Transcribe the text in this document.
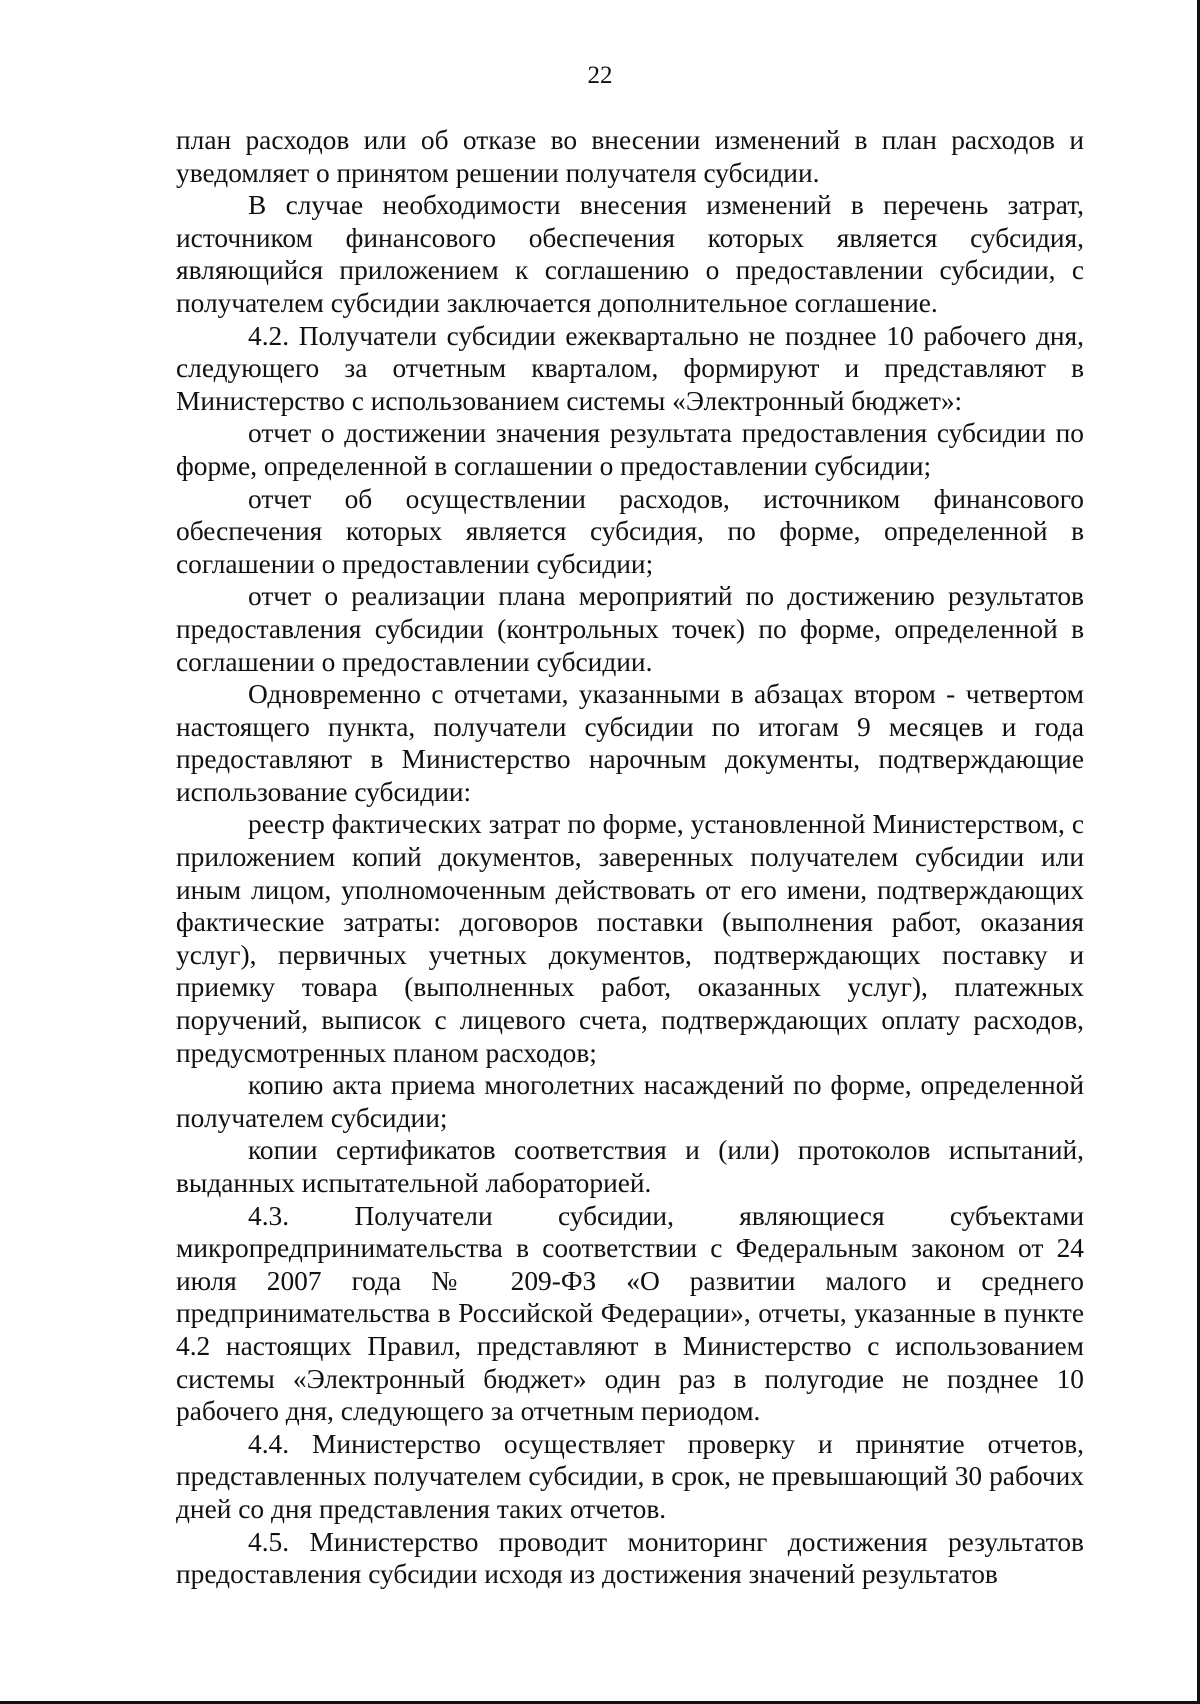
22

план расходов или об отказе во внесении изменений в план расходов и уведомляет о принятом решении получателя субсидии.

В случае необходимости внесения изменений в перечень затрат, источником финансового обеспечения которых является субсидия, являющийся приложением к соглашению о предоставлении субсидии, с получателем субсидии заключается дополнительное соглашение.

4.2. Получатели субсидии ежеквартально не позднее 10 рабочего дня, следующего за отчетным кварталом, формируют и представляют в Министерство с использованием системы «Электронный бюджет»:

отчет о достижении значения результата предоставления субсидии по форме, определенной в соглашении о предоставлении субсидии;

отчет об осуществлении расходов, источником финансового обеспечения которых является субсидия, по форме, определенной в соглашении о предоставлении субсидии;

отчет о реализации плана мероприятий по достижению результатов предоставления субсидии (контрольных точек) по форме, определенной в соглашении о предоставлении субсидии.

Одновременно с отчетами, указанными в абзацах втором - четвертом настоящего пункта, получатели субсидии по итогам 9 месяцев и года предоставляют в Министерство нарочным документы, подтверждающие использование субсидии:

реестр фактических затрат по форме, установленной Министерством, с приложением копий документов, заверенных получателем субсидии или иным лицом, уполномоченным действовать от его имени, подтверждающих фактические затраты: договоров поставки (выполнения работ, оказания услуг), первичных учетных документов, подтверждающих поставку и приемку товара (выполненных работ, оказанных услуг), платежных поручений, выписок с лицевого счета, подтверждающих оплату расходов, предусмотренных планом расходов;

копию акта приема многолетних насаждений по форме, определенной получателем субсидии;

копии сертификатов соответствия и (или) протоколов испытаний, выданных испытательной лабораторией.

4.3. Получатели субсидии, являющиеся субъектами микропредпринимательства в соответствии с Федеральным законом от 24 июля 2007 года № 209-ФЗ «О развитии малого и среднего предпринимательства в Российской Федерации», отчеты, указанные в пункте 4.2 настоящих Правил, представляют в Министерство с использованием системы «Электронный бюджет» один раз в полугодие не позднее 10 рабочего дня, следующего за отчетным периодом.

4.4. Министерство осуществляет проверку и принятие отчетов, представленных получателем субсидии, в срок, не превышающий 30 рабочих дней со дня представления таких отчетов.

4.5. Министерство проводит мониторинг достижения результатов предоставления субсидии исходя из достижения значений результатов
